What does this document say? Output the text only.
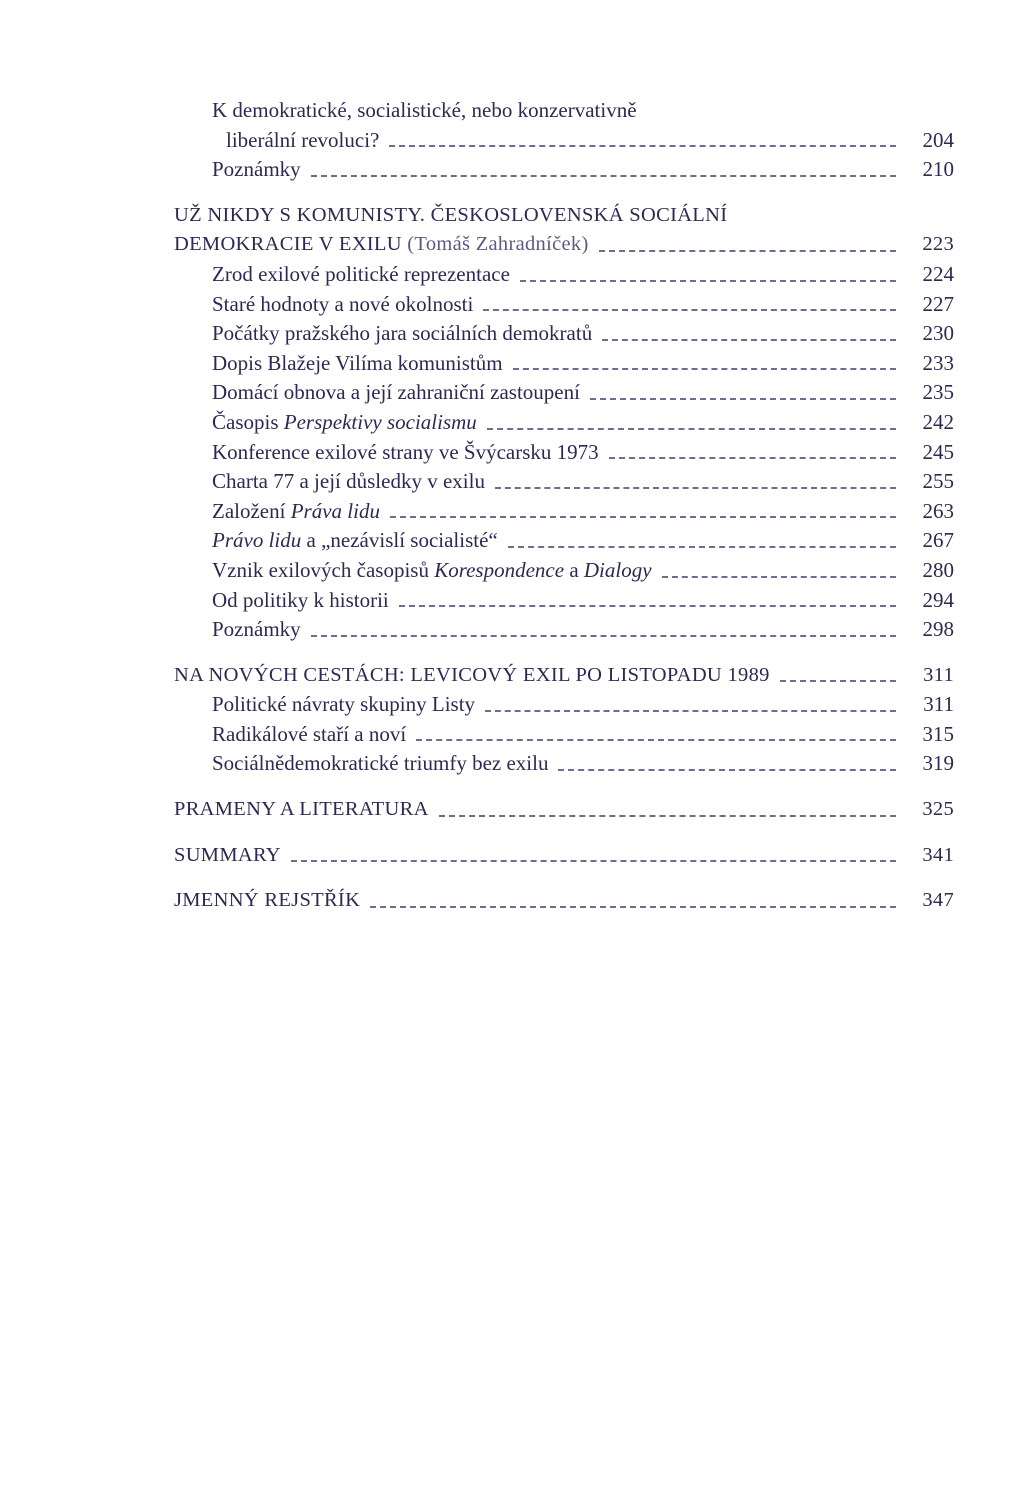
K demokratické, socialistické, nebo konzervativně
liberální revoluci?	204
Poznámky	210
UŽ NIKDY S KOMUNISTY. ČESKOSLOVENSKÁ SOCIÁLNÍ
DEMOKRACIE V EXILU (Tomáš Zahradníček)	223
Zrod exilové politické reprezentace	224
Staré hodnoty a nové okolnosti	227
Počátky pražského jara sociálních demokratů	230
Dopis Blažeje Vilíma komunistům	233
Domácí obnova a její zahraniční zastoupení	235
Časopis Perspektivy socialismu	242
Konference exilové strany ve Švýcarsku 1973	245
Charta 77 a její důsledky v exilu	255
Založení Práva lidu	263
Právo lidu a „nezávislí socialisté“	267
Vznik exilových časopisů Korespondence a Dialogy	280
Od politiky k historii	294
Poznámky	298
NA NOVÝCH CESTÁCH: LEVICOVÝ EXIL PO LISTOPADU 1989	311
Politické návraty skupiny Listy	311
Radikálové staří a noví	315
Sociálnědemokratické triumfy bez exilu	319
PRAMENY A LITERATURA	325
SUMMARY	341
JMENNÝ REJSTŘÍK	347
